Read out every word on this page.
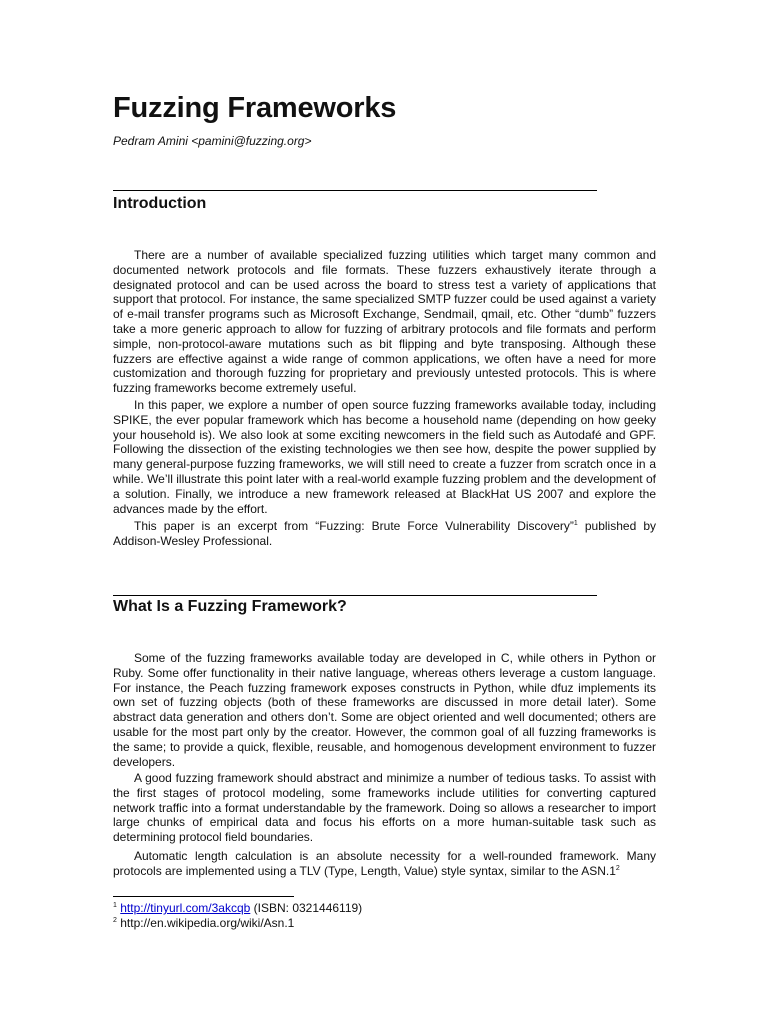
Fuzzing Frameworks
Pedram Amini <pamini@fuzzing.org>
Introduction

There are a number of available specialized fuzzing utilities which target many common and documented network protocols and file formats. These fuzzers exhaustively iterate through a designated protocol and can be used across the board to stress test a variety of applications that support that protocol. For instance, the same specialized SMTP fuzzer could be used against a variety of e-mail transfer programs such as Microsoft Exchange, Sendmail, qmail, etc. Other “dumb” fuzzers take a more generic approach to allow for fuzzing of arbitrary protocols and file formats and perform simple, non-protocol-aware mutations such as bit flipping and byte transposing. Although these fuzzers are effective against a wide range of common applications, we often have a need for more customization and thorough fuzzing for proprietary and previously untested protocols. This is where fuzzing frameworks become extremely useful.

In this paper, we explore a number of open source fuzzing frameworks available today, including SPIKE, the ever popular framework which has become a household name (depending on how geeky your household is). We also look at some exciting newcomers in the field such as Autodafé and GPF. Following the dissection of the existing technologies we then see how, despite the power supplied by many general-purpose fuzzing frameworks, we will still need to create a fuzzer from scratch once in a while. We’ll illustrate this point later with a real-world example fuzzing problem and the development of a solution. Finally, we introduce a new framework released at BlackHat US 2007 and explore the advances made by the effort.

This paper is an excerpt from “Fuzzing: Brute Force Vulnerability Discovery”$^1$ published by Addison-Wesley Professional.

What Is a Fuzzing Framework?

Some of the fuzzing frameworks available today are developed in C, while others in Python or Ruby. Some offer functionality in their native language, whereas others leverage a custom language. For instance, the Peach fuzzing framework exposes constructs in Python, while dfuz implements its own set of fuzzing objects (both of these frameworks are discussed in more detail later). Some abstract data generation and others don’t. Some are object oriented and well documented; others are usable for the most part only by the creator. However, the common goal of all fuzzing frameworks is the same; to provide a quick, flexible, reusable, and homogenous development environment to fuzzer developers.

A good fuzzing framework should abstract and minimize a number of tedious tasks. To assist with the first stages of protocol modeling, some frameworks include utilities for converting captured network traffic into a format understandable by the framework. Doing so allows a researcher to import large chunks of empirical data and focus his efforts on a more human-suitable task such as determining protocol field boundaries.

Automatic length calculation is an absolute necessity for a well-rounded framework. Many protocols are implemented using a TLV (Type, Length, Value) style syntax, similar to the $ASN.1^2$

$^1$ http://tinyurl.com/3akcqb (ISBN: 0321446119)
$^2$ http://en.wikipedia.org/wiki/Asn.1
